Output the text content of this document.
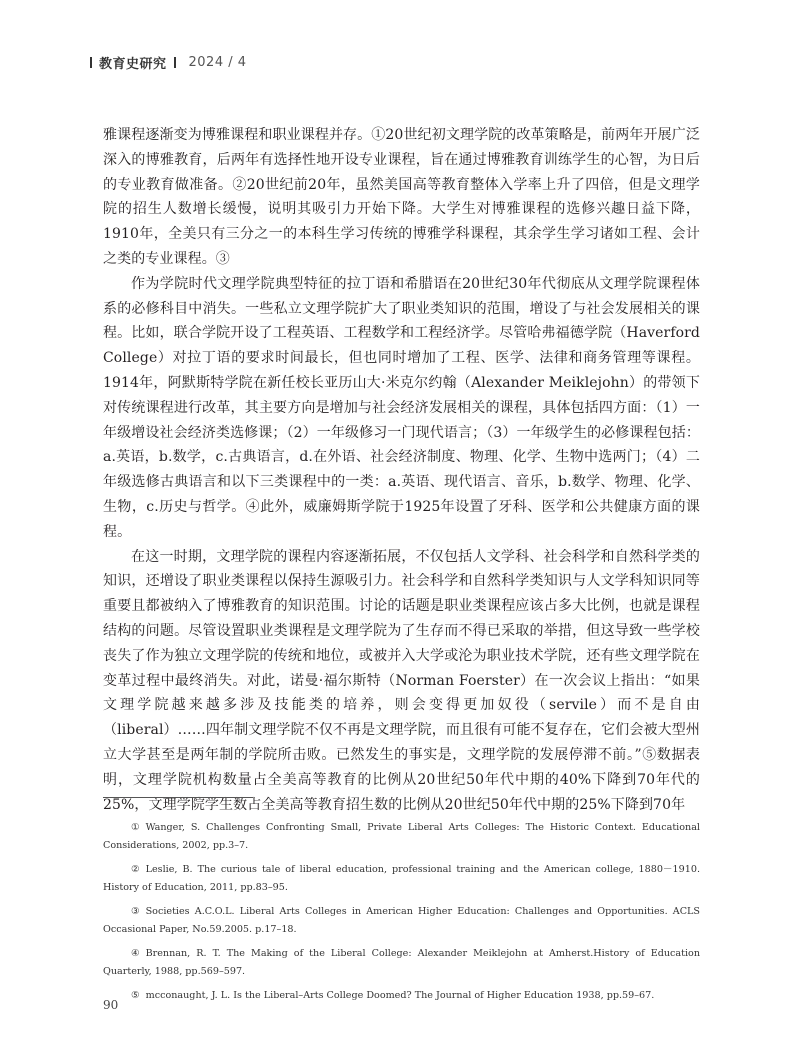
教育史研究 2024 / 4

雅课程逐渐变为博雅课程和职业课程并存。①20世纪初文理学院的改革策略是，前两年开展广泛深入的博雅教育，后两年有选择性地开设专业课程，旨在通过博雅教育训练学生的心智，为日后的专业教育做准备。②20世纪前20年，虽然美国高等教育整体入学率上升了四倍，但是文理学院的招生人数增长缓慢，说明其吸引力开始下降。大学生对博雅课程的选修兴趣日益下降，1910年，全美只有三分之一的本科生学习传统的博雅学科课程，其余学生学习诸如工程、会计之类的专业课程。③

作为学院时代文理学院典型特征的拉丁语和希腊语在20世纪30年代彻底从文理学院课程体系的必修科目中消失。一些私立文理学院扩大了职业类知识的范围，增设了与社会发展相关的课程。比如，联合学院开设了工程英语、工程数学和工程经济学。尽管哈弗福德学院（Haverford College）对拉丁语的要求时间最长，但也同时增加了工程、医学、法律和商务管理等课程。1914年，阿默斯特学院在新任校长亚历山大·米克尔约翰（Alexander Meiklejohn）的带领下对传统课程进行改革，其主要方向是增加与社会经济发展相关的课程，具体包括四方面：（1）一年级增设社会经济类选修课；（2）一年级修习一门现代语言；（3）一年级学生的必修课程包括：a.英语，b.数学，c.古典语言，d.在外语、社会经济制度、物理、化学、生物中选两门；（4）二年级选修古典语言和以下三类课程中的一类：a.英语、现代语言、音乐，b.数学、物理、化学、生物，c.历史与哲学。④此外，威廉姆斯学院于1925年设置了牙科、医学和公共健康方面的课程。

在这一时期，文理学院的课程内容逐渐拓展，不仅包括人文学科、社会科学和自然科学类的知识，还增设了职业类课程以保持生源吸引力。社会科学和自然科学类知识与人文学科知识同等重要且都被纳入了博雅教育的知识范围。讨论的话题是职业类课程应该占多大比例，也就是课程结构的问题。尽管设置职业类课程是文理学院为了生存而不得已采取的举措，但这导致一些学校丧失了作为独立文理学院的传统和地位，或被并入大学或沦为职业技术学院，还有些文理学院在变革过程中最终消失。对此，诺曼·福尔斯特（Norman Foerster）在一次会议上指出：“如果文理学院越来越多涉及技能类的培养，则会变得更加奴役（servile）而不是自由（liberal）……四年制文理学院不仅不再是文理学院，而且很有可能不复存在，它们会被大型州立大学甚至是两年制的学院所击败。已然发生的事实是，文理学院的发展停滞不前。”⑤数据表明，文理学院机构数量占全美高等教育的比例从20世纪50年代中期的40%下降到70年代的25%，文理学院学生数占全美高等教育招生数的比例从20世纪50年代中期的25%下降到70年

① Wanger, S. Challenges Confronting Small, Private Liberal Arts Colleges: The Historic Context. Educational Considerations, 2002, pp.3–7.

② Leslie, B. The curious tale of liberal education, professional training and the American college, 1880－1910. History of Education, 2011, pp.83–95.

③ Societies A.C.O.L. Liberal Arts Colleges in American Higher Education: Challenges and Opportunities. ACLS Occasional Paper, No.59.2005. p.17–18.

④ Brennan, R. T. The Making of the Liberal College: Alexander Meiklejohn at Amherst.History of Education Quarterly, 1988, pp.569–597.

⑤ mcconaught, J. L. Is the Liberal–Arts College Doomed? The Journal of Higher Education 1938, pp.59–67.

90
